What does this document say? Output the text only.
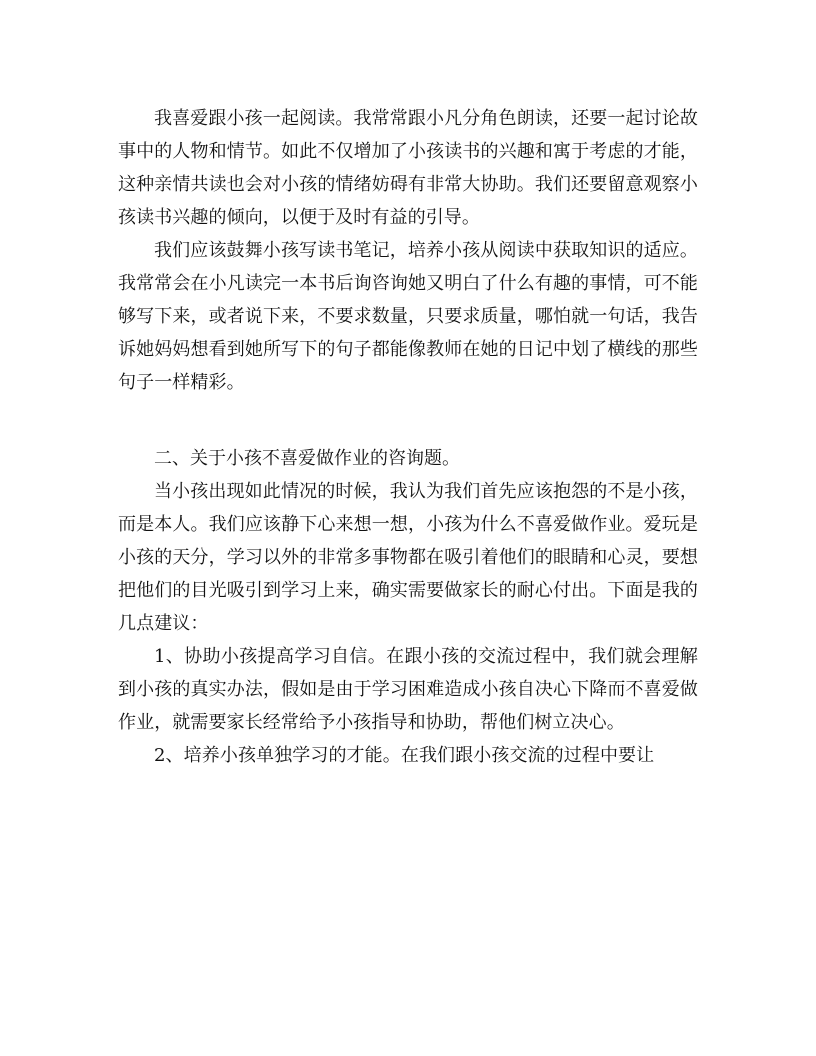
我喜爱跟小孩一起阅读。我常常跟小凡分角色朗读，还要一起讨论故事中的人物和情节。如此不仅增加了小孩读书的兴趣和寓于考虑的才能，这种亲情共读也会对小孩的情绪妨碍有非常大协助。我们还要留意观察小孩读书兴趣的倾向，以便于及时有益的引导。

我们应该鼓舞小孩写读书笔记，培养小孩从阅读中获取知识的适应。我常常会在小凡读完一本书后询咨询她又明白了什么有趣的事情，可不能够写下来，或者说下来，不要求数量，只要求质量，哪怕就一句话，我告诉她妈妈想看到她所写下的句子都能像教师在她的日记中划了横线的那些句子一样精彩。

二、关于小孩不喜爱做作业的咨询题。

当小孩出现如此情况的时候，我认为我们首先应该抱怨的不是小孩，而是本人。我们应该静下心来想一想，小孩为什么不喜爱做作业。爱玩是小孩的天分，学习以外的非常多事物都在吸引着他们的眼睛和心灵，要想把他们的目光吸引到学习上来，确实需要做家长的耐心付出。下面是我的几点建议：

1、协助小孩提高学习自信。在跟小孩的交流过程中，我们就会理解到小孩的真实办法，假如是由于学习困难造成小孩自决心下降而不喜爱做作业，就需要家长经常给予小孩指导和协助，帮他们树立决心。

2、培养小孩单独学习的才能。在我们跟小孩交流的过程中要让
